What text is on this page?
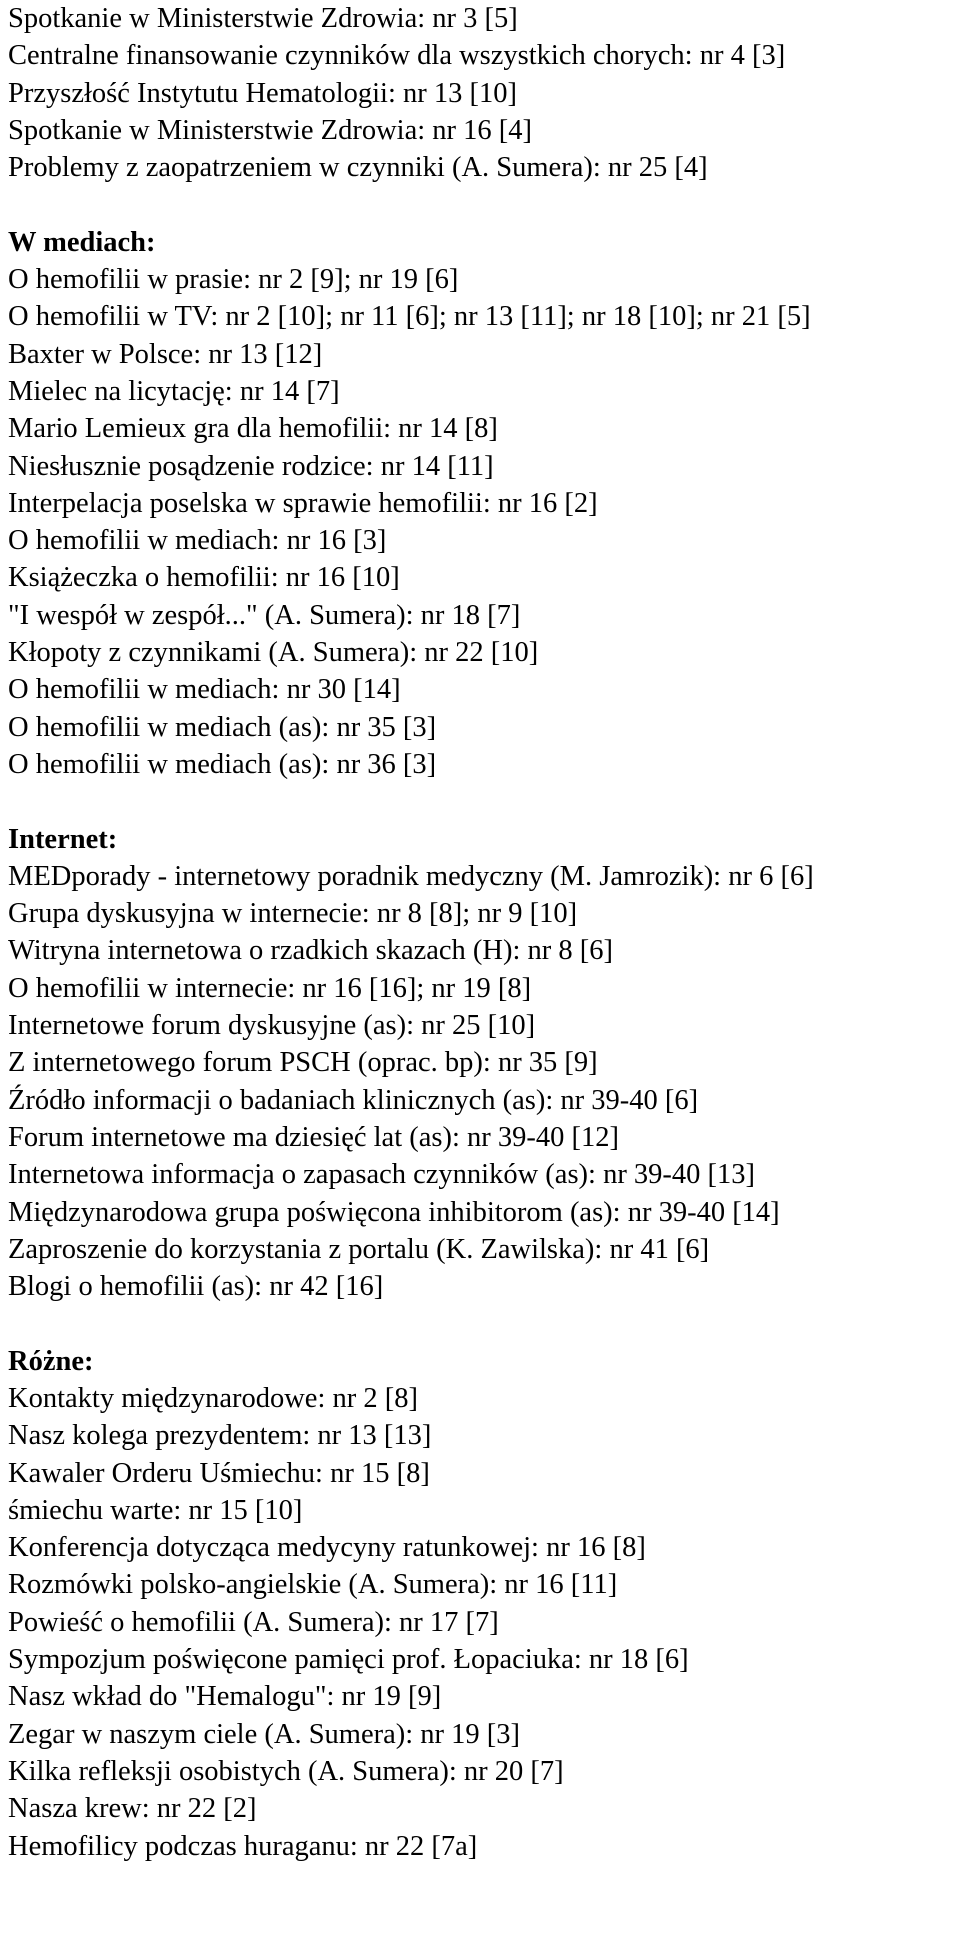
Spotkanie w Ministerstwie Zdrowia: nr 3 [5]
Centralne finansowanie czynników dla wszystkich chorych: nr 4 [3]
Przyszłość Instytutu Hematologii: nr 13 [10]
Spotkanie w Ministerstwie Zdrowia: nr 16 [4]
Problemy z zaopatrzeniem w czynniki (A. Sumera): nr 25 [4]
W mediach:
O hemofilii w prasie: nr 2 [9]; nr 19 [6]
O hemofilii w TV: nr 2 [10]; nr 11 [6]; nr 13 [11]; nr 18 [10]; nr 21 [5]
Baxter w Polsce: nr 13 [12]
Mielec na licytację: nr 14 [7]
Mario Lemieux gra dla hemofilii: nr 14 [8]
Niesłusznie posądzenie rodzice: nr 14 [11]
Interpelacja poselska w sprawie hemofilii: nr 16 [2]
O hemofilii w mediach: nr 16 [3]
Książeczka o hemofilii: nr 16 [10]
"I wespół w zespół..." (A. Sumera): nr 18 [7]
Kłopoty z czynnikami (A. Sumera): nr 22 [10]
O hemofilii w mediach: nr 30 [14]
O hemofilii w mediach (as): nr 35 [3]
O hemofilii w mediach (as): nr 36 [3]
Internet:
MEDporady - internetowy poradnik medyczny (M. Jamrozik): nr 6 [6]
Grupa dyskusyjna w internecie: nr 8 [8]; nr 9 [10]
Witryna internetowa o rzadkich skazach (H): nr 8 [6]
O hemofilii w internecie: nr 16 [16]; nr 19 [8]
Internetowe forum dyskusyjne (as): nr 25 [10]
Z internetowego forum PSCH (oprac. bp): nr 35 [9]
Źródło informacji o badaniach klinicznych (as): nr 39-40 [6]
Forum internetowe ma dziesięć lat (as): nr 39-40 [12]
Internetowa informacja o zapasach czynników (as): nr 39-40 [13]
Międzynarodowa grupa poświęcona inhibitorom (as): nr 39-40 [14]
Zaproszenie do korzystania z portalu (K. Zawilska): nr 41 [6]
Blogi o hemofilii (as): nr 42 [16]
Różne:
Kontakty międzynarodowe: nr 2 [8]
Nasz kolega prezydentem: nr 13 [13]
Kawaler Orderu Uśmiechu: nr 15 [8]
śmiechu warte: nr 15 [10]
Konferencja dotycząca medycyny ratunkowej: nr 16 [8]
Rozmówki polsko-angielskie (A. Sumera): nr 16 [11]
Powieść o hemofilii (A. Sumera): nr 17 [7]
Sympozjum poświęcone pamięci prof. Łopaciuka: nr 18 [6]
Nasz wkład do "Hemalogu": nr 19 [9]
Zegar w naszym ciele (A. Sumera): nr 19 [3]
Kilka refleksji osobistych (A. Sumera): nr 20 [7]
Nasza krew: nr 22 [2]
Hemofilicy podczas huraganu: nr 22 [7a]
